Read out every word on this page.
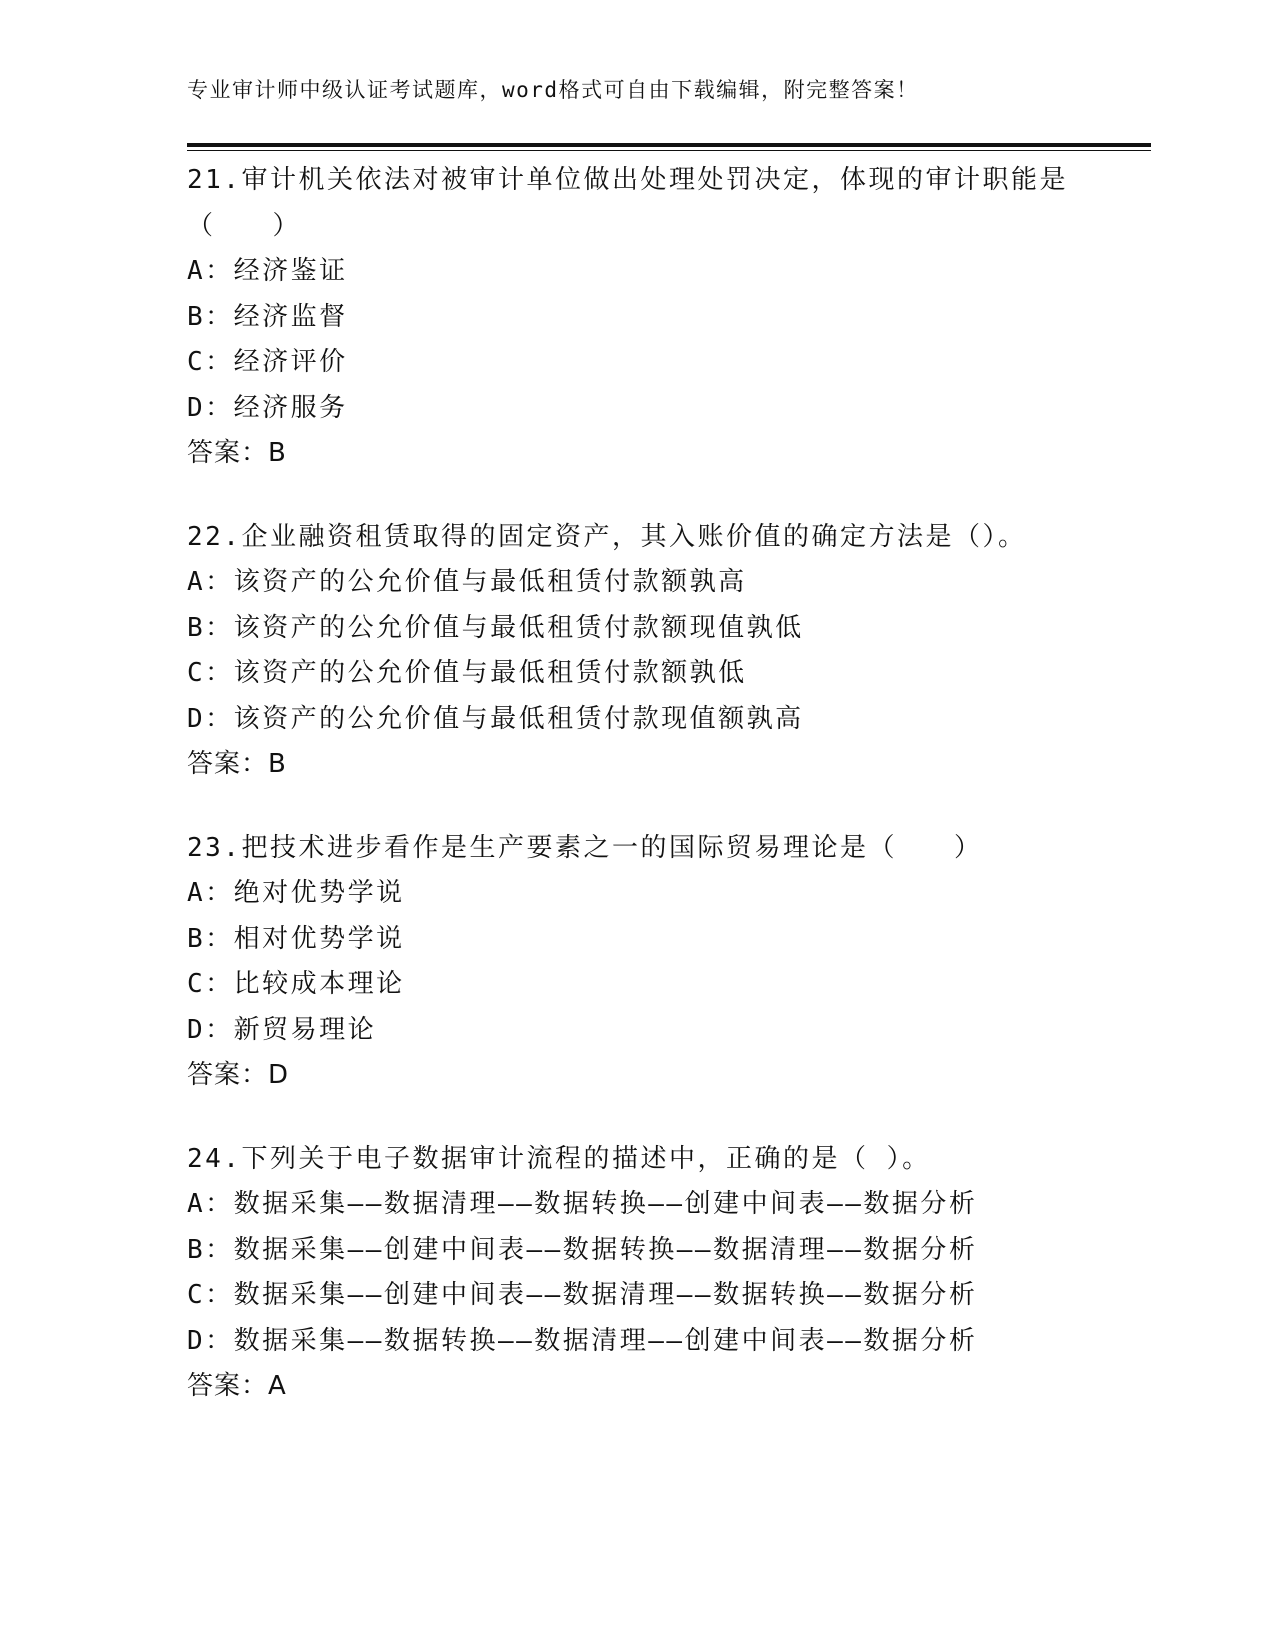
专业审计师中级认证考试题库，word格式可自由下载编辑，附完整答案！
21.审计机关依法对被审计单位做出处理处罚决定，体现的审计职能是
（　　）
A：经济鉴证
B：经济监督
C：经济评价
D：经济服务
答案：B
22.企业融资租赁取得的固定资产，其入账价值的确定方法是（）。
A：该资产的公允价值与最低租赁付款额孰高
B：该资产的公允价值与最低租赁付款额现值孰低
C：该资产的公允价值与最低租赁付款额孰低
D：该资产的公允价值与最低租赁付款现值额孰高
答案：B
23.把技术进步看作是生产要素之一的国际贸易理论是（　　）
A：绝对优势学说
B：相对优势学说
C：比较成本理论
D：新贸易理论
答案：D
24.下列关于电子数据审计流程的描述中，正确的是（ ）。
A：数据采集——数据清理——数据转换——创建中间表——数据分析
B：数据采集——创建中间表——数据转换——数据清理——数据分析
C：数据采集——创建中间表——数据清理——数据转换——数据分析
D：数据采集——数据转换——数据清理——创建中间表——数据分析
答案：A
